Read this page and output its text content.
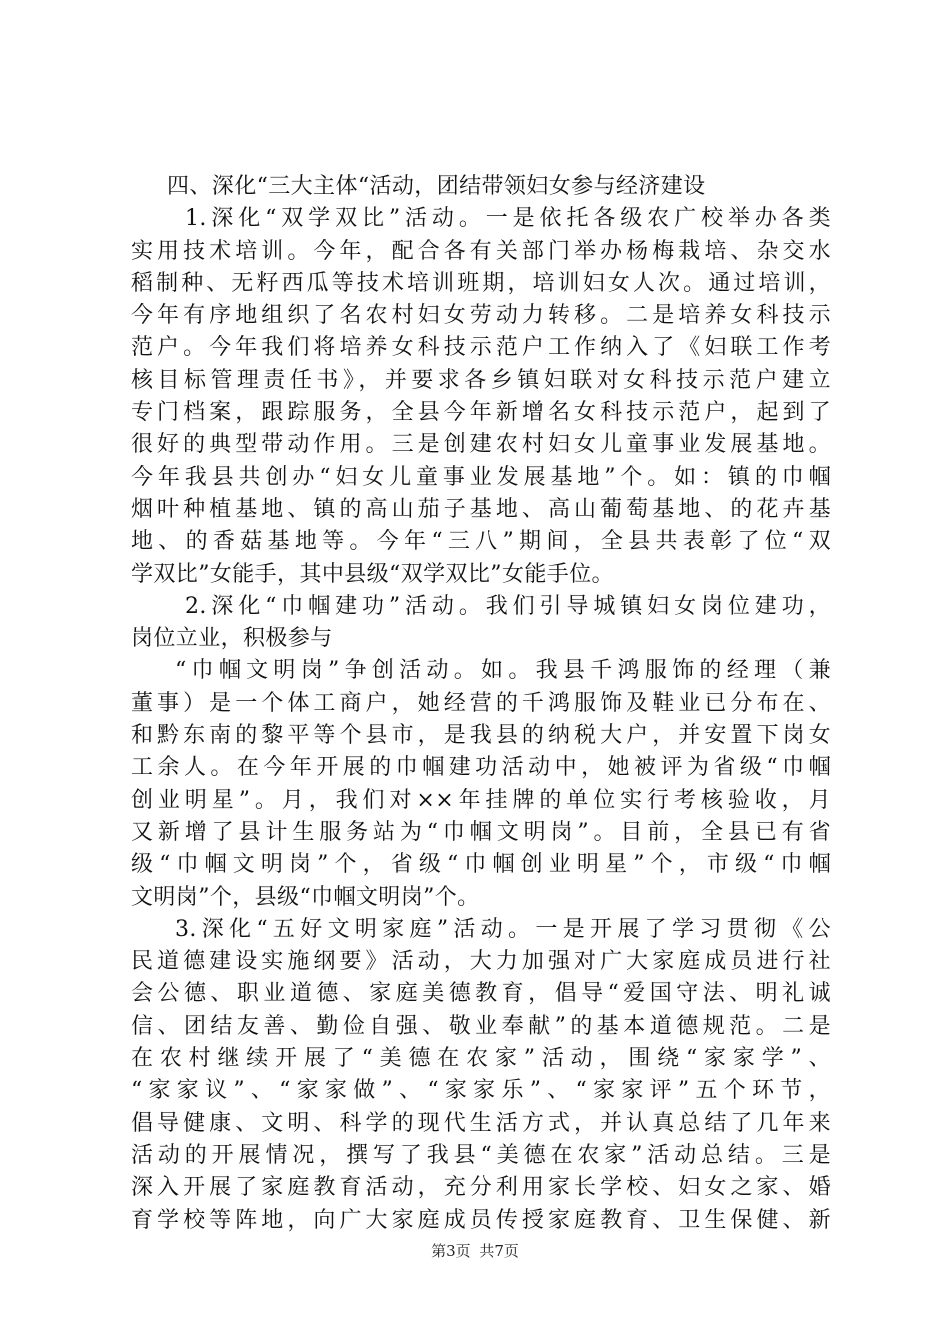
四、深化“三大主体“活动，团结带领妇女参与经济建设
1.深化“双学双比”活动。一是依托各级农广校举办各类
实用技术培训。今年，配合各有关部门举办杨梅栽培、杂交水
稻制种、无籽西瓜等技术培训班期，培训妇女人次。通过培训，
今年有序地组织了名农村妇女劳动力转移。二是培养女科技示
范户。今年我们将培养女科技示范户工作纳入了《妇联工作考
核目标管理责任书》，并要求各乡镇妇联对女科技示范户建立
专门档案，跟踪服务，全县今年新增名女科技示范户，起到了
很好的典型带动作用。三是创建农村妇女儿童事业发展基地。
今年我县共创办“妇女儿童事业发展基地”个。如：镇的巾帼
烟叶种植基地、镇的高山茄子基地、高山葡萄基地、的花卉基
地、的香菇基地等。今年“三八”期间，全县共表彰了位“双
学双比”女能手，其中县级“双学双比”女能手位。
2.深化“巾帼建功”活动。我们引导城镇妇女岗位建功，
岗位立业，积极参与
“巾帼文明岗”争创活动。如。我县千鸿服饰的经理（兼
董事）是一个体工商户，她经营的千鸿服饰及鞋业已分布在、
和黔东南的黎平等个县市，是我县的纳税大户，并安置下岗女
工余人。在今年开展的巾帼建功活动中，她被评为省级“巾帼
创业明星”。月，我们对××年挂牌的单位实行考核验收，月
又新增了县计生服务站为“巾帼文明岗”。目前，全县已有省
级“巾帼文明岗”个，省级“巾帼创业明星”个，市级“巾帼
文明岗”个，县级“巾帼文明岗”个。
3.深化“五好文明家庭”活动。一是开展了学习贯彻《公
民道德建设实施纲要》活动，大力加强对广大家庭成员进行社
会公德、职业道德、家庭美德教育，倡导“爱国守法、明礼诚
信、团结友善、勤俭自强、敬业奉献”的基本道德规范。二是
在农村继续开展了“美德在农家”活动，围绕“家家学”、
“家家议”、“家家做”、“家家乐”、“家家评”五个环节，
倡导健康、文明、科学的现代生活方式，并认真总结了几年来
活动的开展情况，撰写了我县“美德在农家”活动总结。三是
深入开展了家庭教育活动，充分利用家长学校、妇女之家、婚
育学校等阵地，向广大家庭成员传授家庭教育、卫生保健、新
第3页 共7页
